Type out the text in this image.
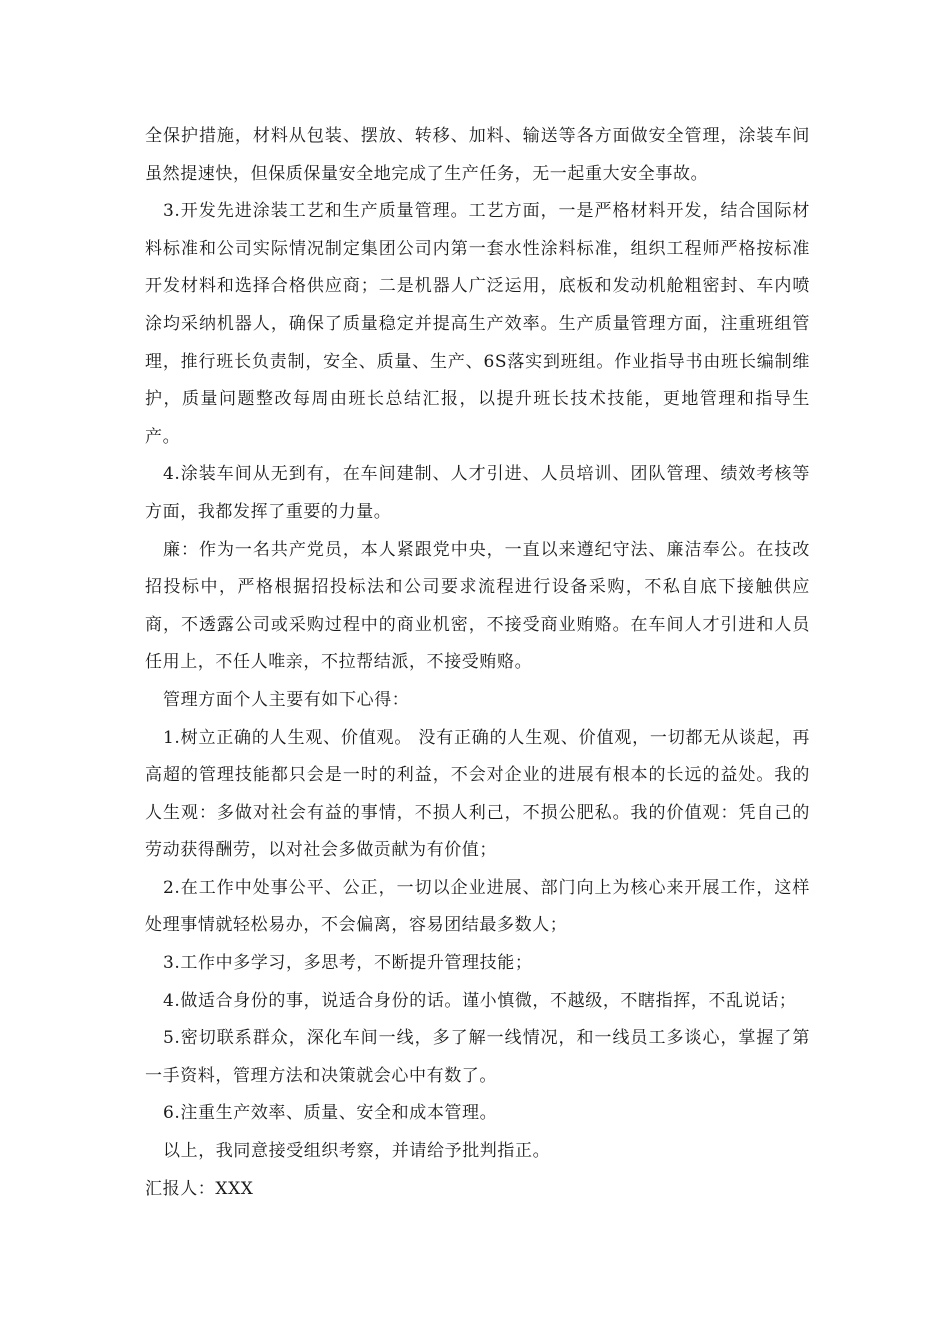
全保护措施，材料从包装、摆放、转移、加料、输送等各方面做安全管理，涂装车间虽然提速快，但保质保量安全地完成了生产任务，无一起重大安全事故。

3.开发先进涂装工艺和生产质量管理。工艺方面，一是严格材料开发，结合国际材料标准和公司实际情况制定集团公司内第一套水性涂料标准，组织工程师严格按标准开发材料和选择合格供应商；二是机器人广泛运用，底板和发动机舱粗密封、车内喷涂均采纳机器人，确保了质量稳定并提高生产效率。生产质量管理方面，注重班组管理，推行班长负责制，安全、质量、生产、6S落实到班组。作业指导书由班长编制维护，质量问题整改每周由班长总结汇报，以提升班长技术技能，更地管理和指导生产。

4.涂装车间从无到有，在车间建制、人才引进、人员培训、团队管理、绩效考核等方面，我都发挥了重要的力量。

廉：作为一名共产党员，本人紧跟党中央，一直以来遵纪守法、廉洁奉公。在技改招投标中，严格根据招投标法和公司要求流程进行设备采购，不私自底下接触供应商，不透露公司或采购过程中的商业机密，不接受商业贿赂。在车间人才引进和人员任用上，不任人唯亲，不拉帮结派，不接受贿赂。

管理方面个人主要有如下心得：

1.树立正确的人生观、价值观。 没有正确的人生观、价值观，一切都无从谈起，再高超的管理技能都只会是一时的利益，不会对企业的进展有根本的长远的益处。我的人生观：多做对社会有益的事情，不损人利己，不损公肥私。我的价值观：凭自己的劳动获得酬劳，以对社会多做贡献为有价值；

2.在工作中处事公平、公正，一切以企业进展、部门向上为核心来开展工作，这样处理事情就轻松易办，不会偏离，容易团结最多数人；

3.工作中多学习，多思考，不断提升管理技能；

4.做适合身份的事，说适合身份的话。谨小慎微，不越级，不瞎指挥，不乱说话；

5.密切联系群众，深化车间一线，多了解一线情况，和一线员工多谈心，掌握了第一手资料，管理方法和决策就会心中有数了。

6.注重生产效率、质量、安全和成本管理。

以上，我同意接受组织考察，并请给予批判指正。

汇报人：XXX
